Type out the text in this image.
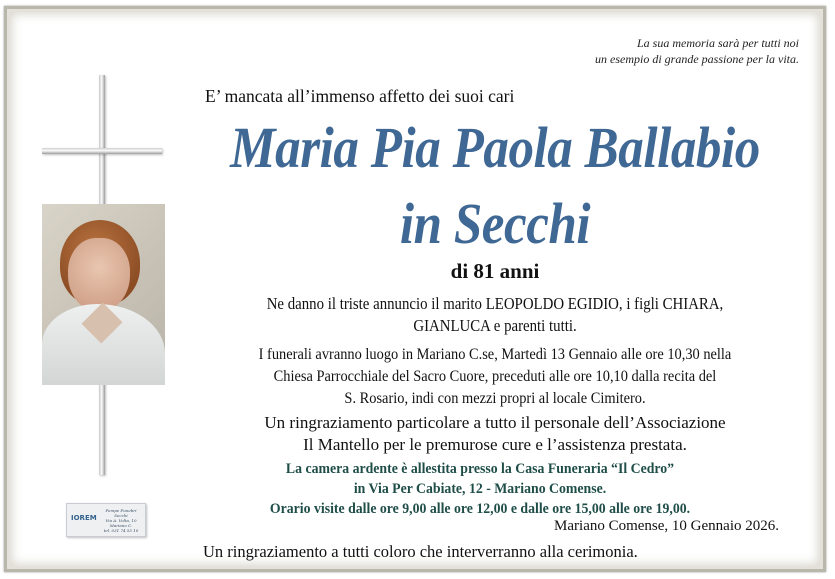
La sua memoria sarà per tutti noi
un esempio di grande passione per la vita.
E’ mancata all’immenso affetto dei suoi cari
Maria Pia Paola Ballabio
in Secchi
di 81 anni
Ne danno il triste annuncio il marito LEOPOLDO EGIDIO, i figli CHIARA,
GIANLUCA e parenti tutti.
I funerali avranno luogo in Mariano C.se, Martedì 13 Gennaio alle ore 10,30 nella
Chiesa Parrocchiale del Sacro Cuore, preceduti alle ore 10,10 dalla recita del
S. Rosario, indi con mezzi propri al locale Cimitero.
Un ringraziamento particolare a tutto il personale dell’Associazione
Il Mantello per le premurose cure e l’assistenza prestata.
La camera ardente è allestita presso la Casa Funeraria “Il Cedro”
in Via Per Cabiate, 12 - Mariano Comense.
Orario visite dalle ore 9,00 alle ore 12,00 e dalle ore 15,00 alle ore 19,00.
Mariano Comense, 10 Gennaio 2026.
Un ringraziamento a tutti coloro che interverranno alla cerimonia.
IOREM
Pompe Funebri
Secchi
Via A. Volta, 10
Mariano C.
tel. 031 74 55 10
